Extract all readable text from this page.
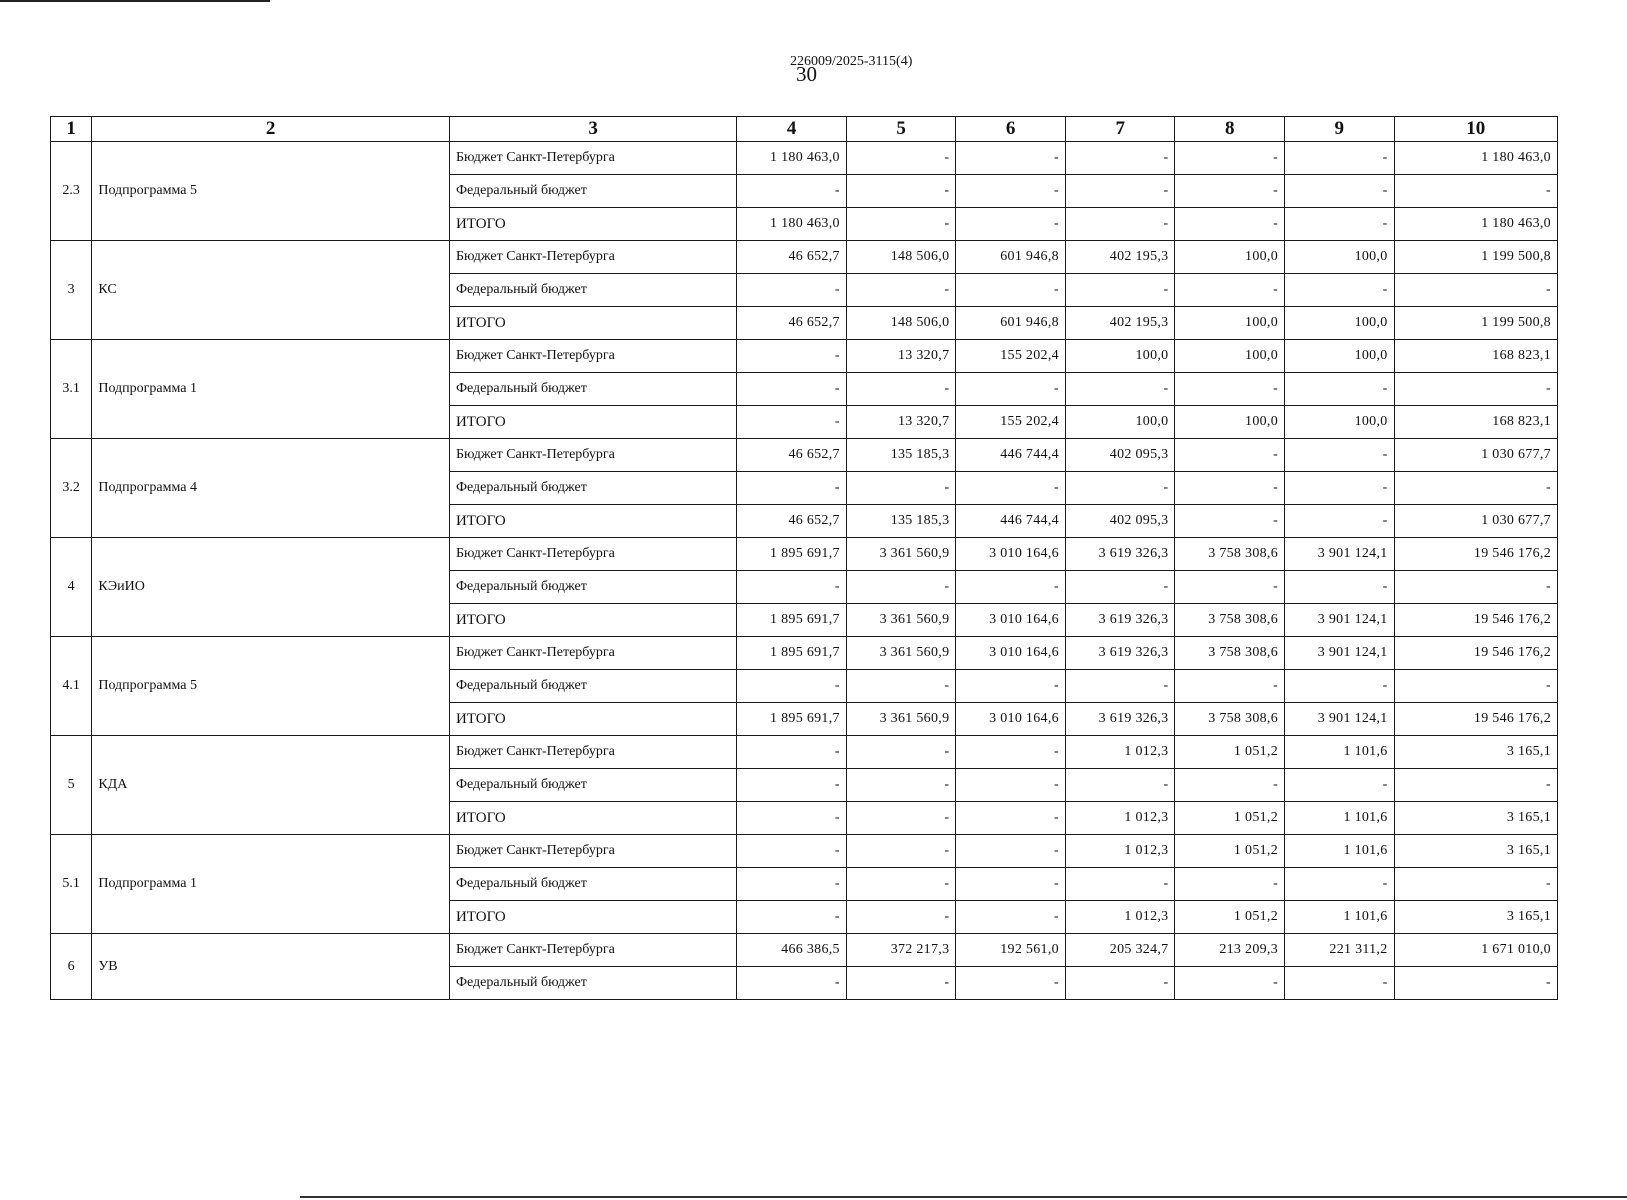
30
226009/2025-3115(4)
1	2	3	4	5	6	7	8	9	10
2.3	Подпрограмма 5	Бюджет Санкт-Петербурга	1 180 463,0	-	-	-	-	-	1 180 463,0
		Федеральный бюджет	-	-	-	-	-	-	-
		ИТОГО	1 180 463,0	-	-	-	-	-	1 180 463,0
3	КС	Бюджет Санкт-Петербурга	46 652,7	148 506,0	601 946,8	402 195,3	100,0	100,0	1 199 500,8
		Федеральный бюджет	-	-	-	-	-	-	-
		ИТОГО	46 652,7	148 506,0	601 946,8	402 195,3	100,0	100,0	1 199 500,8
3.1	Подпрограмма 1	Бюджет Санкт-Петербурга	-	13 320,7	155 202,4	100,0	100,0	100,0	168 823,1
		Федеральный бюджет	-	-	-	-	-	-	-
		ИТОГО	-	13 320,7	155 202,4	100,0	100,0	100,0	168 823,1
3.2	Подпрограмма 4	Бюджет Санкт-Петербурга	46 652,7	135 185,3	446 744,4	402 095,3	-	-	1 030 677,7
		Федеральный бюджет	-	-	-	-	-	-	-
		ИТОГО	46 652,7	135 185,3	446 744,4	402 095,3	-	-	1 030 677,7
4	КЭиИО	Бюджет Санкт-Петербурга	1 895 691,7	3 361 560,9	3 010 164,6	3 619 326,3	3 758 308,6	3 901 124,1	19 546 176,2
		Федеральный бюджет	-	-	-	-	-	-	-
		ИТОГО	1 895 691,7	3 361 560,9	3 010 164,6	3 619 326,3	3 758 308,6	3 901 124,1	19 546 176,2
4.1	Подпрограмма 5	Бюджет Санкт-Петербурга	1 895 691,7	3 361 560,9	3 010 164,6	3 619 326,3	3 758 308,6	3 901 124,1	19 546 176,2
		Федеральный бюджет	-	-	-	-	-	-	-
		ИТОГО	1 895 691,7	3 361 560,9	3 010 164,6	3 619 326,3	3 758 308,6	3 901 124,1	19 546 176,2
5	КДА	Бюджет Санкт-Петербурга	-	-	-	1 012,3	1 051,2	1 101,6	3 165,1
		Федеральный бюджет	-	-	-	-	-	-	-
		ИТОГО	-	-	-	1 012,3	1 051,2	1 101,6	3 165,1
5.1	Подпрограмма 1	Бюджет Санкт-Петербурга	-	-	-	1 012,3	1 051,2	1 101,6	3 165,1
		Федеральный бюджет	-	-	-	-	-	-	-
		ИТОГО	-	-	-	1 012,3	1 051,2	1 101,6	3 165,1
6	УВ	Бюджет Санкт-Петербурга	466 386,5	372 217,3	192 561,0	205 324,7	213 209,3	221 311,2	1 671 010,0
		Федеральный бюджет	-	-	-	-	-	-	-
